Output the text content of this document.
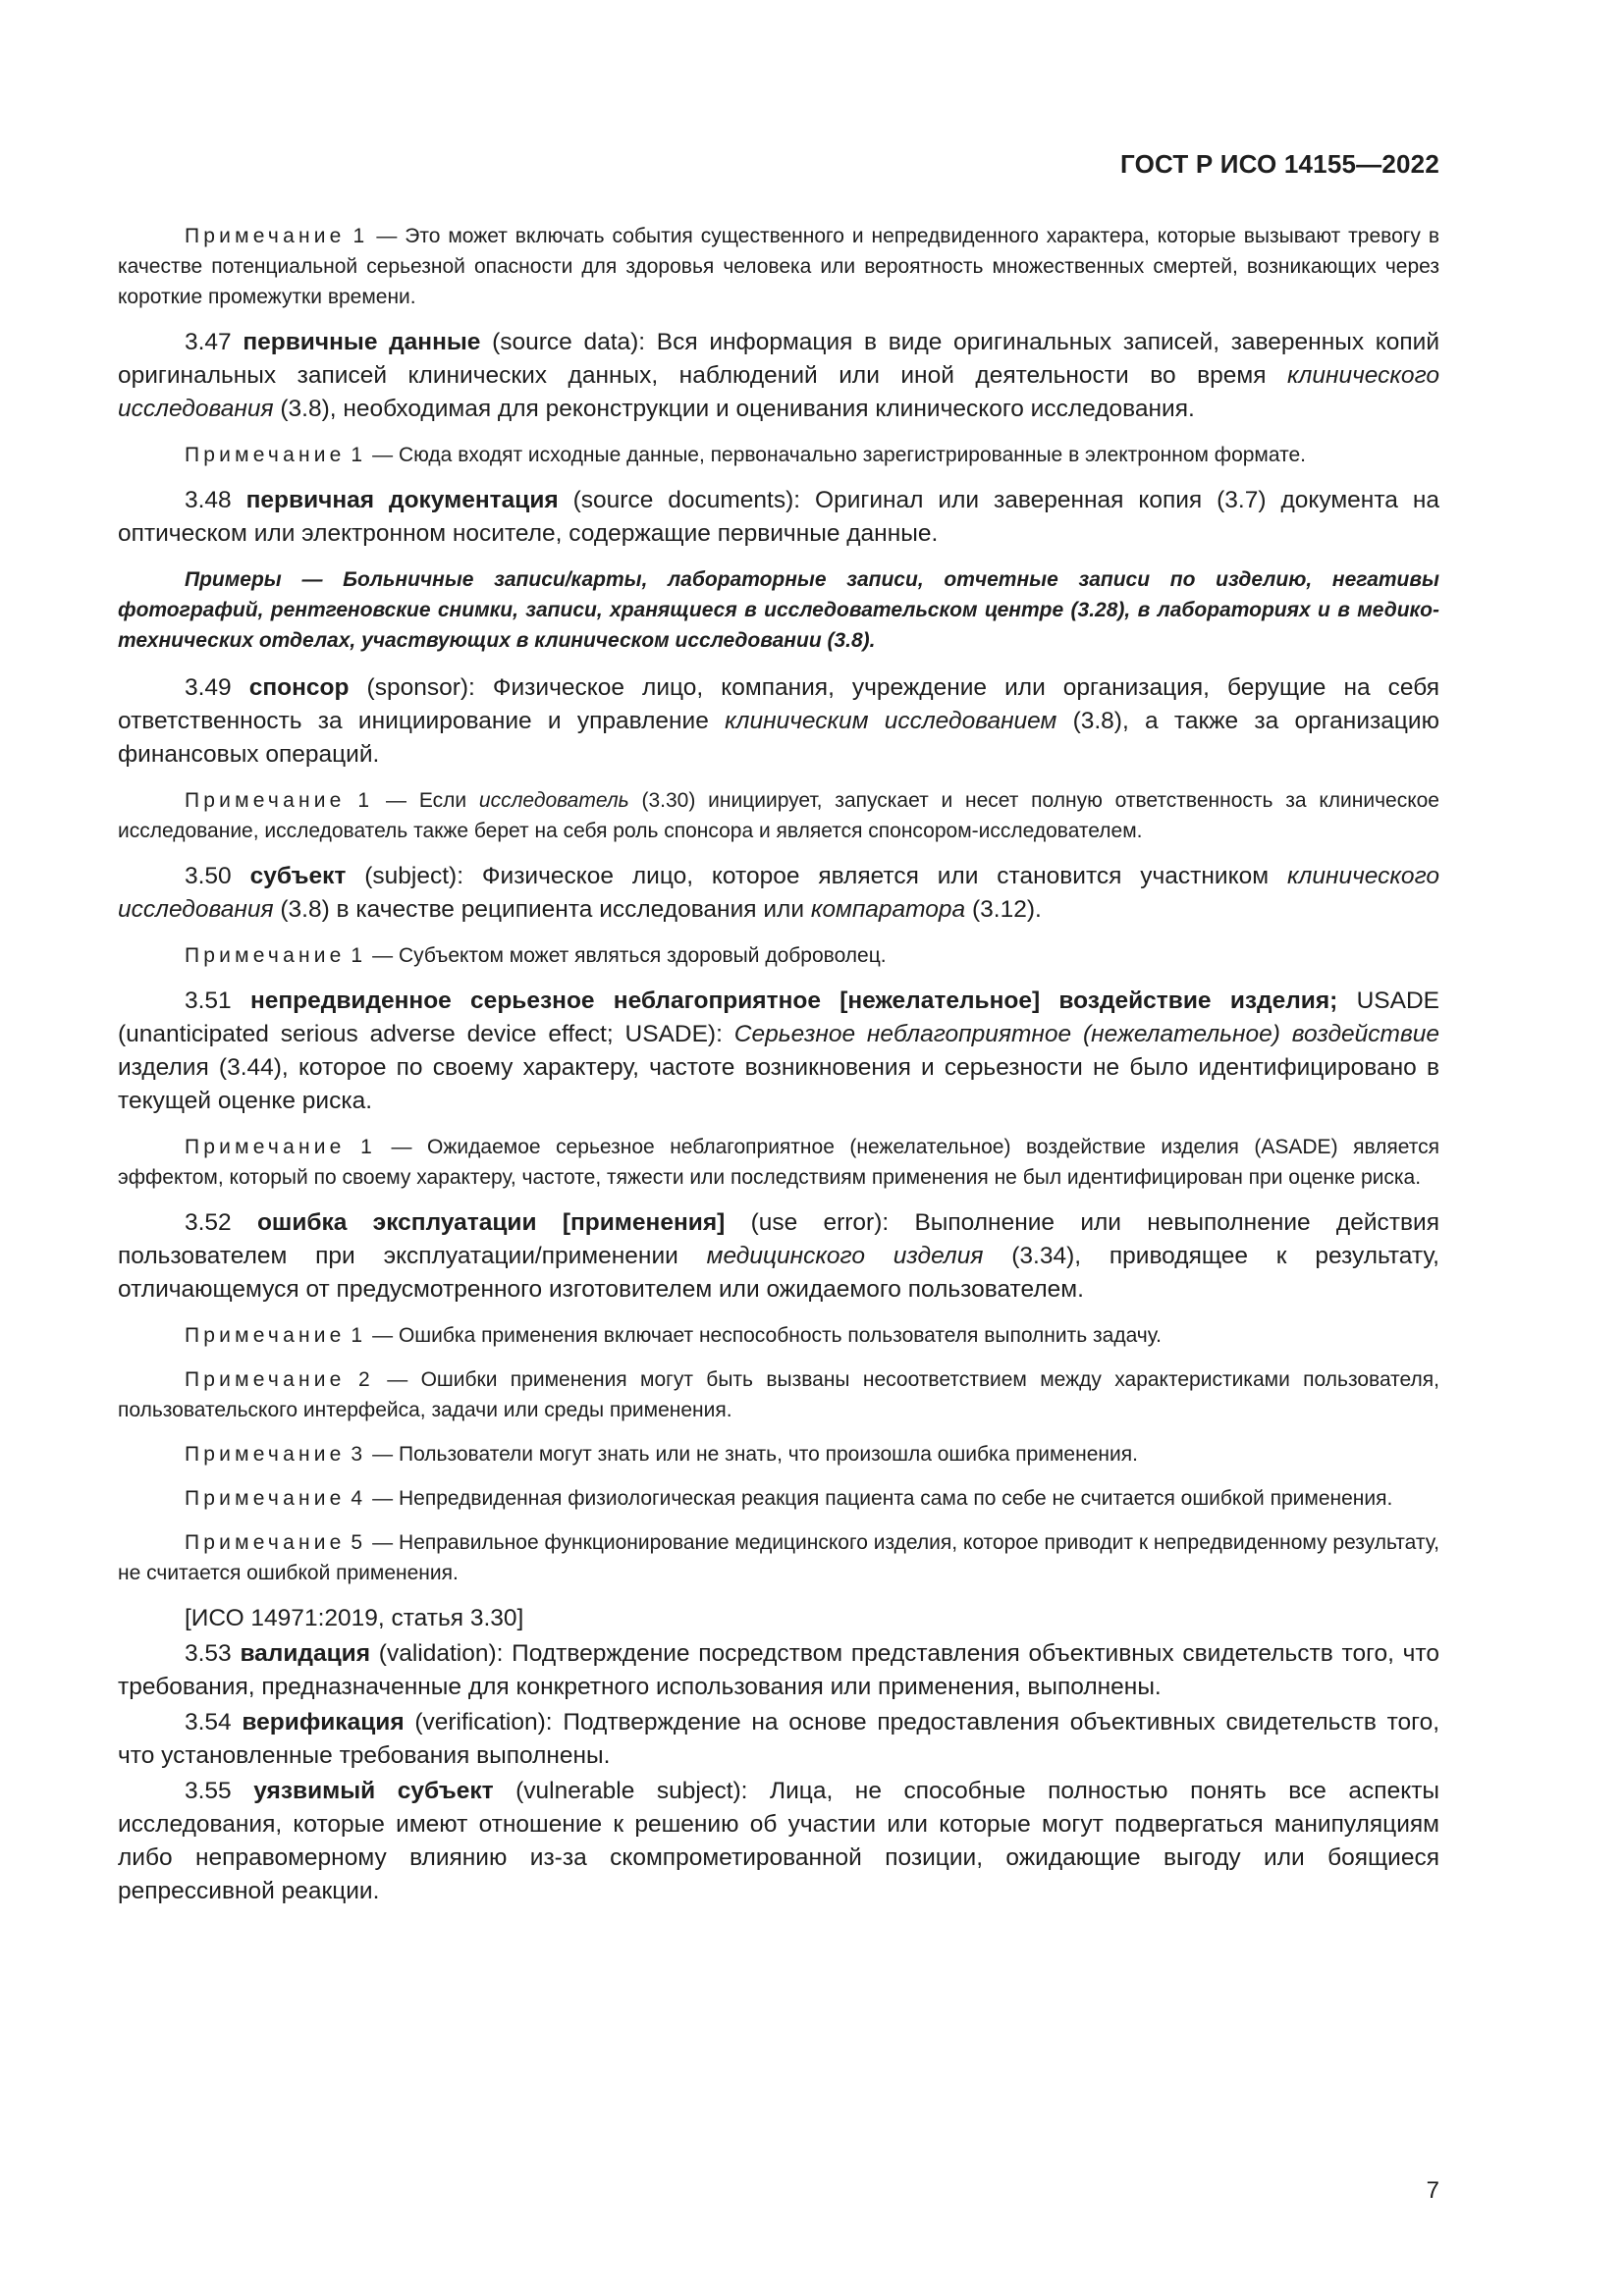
ГОСТ Р ИСО 14155—2022

Примечание 1 — Это может включать события существенного и непредвиденного характера, которые вызывают тревогу в качестве потенциальной серьезной опасности для здоровья человека или вероятность множественных смертей, возникающих через короткие промежутки времени.

3.47 первичные данные (source data): Вся информация в виде оригинальных записей, заверенных копий оригинальных записей клинических данных, наблюдений или иной деятельности во время клинического исследования (3.8), необходимая для реконструкции и оценивания клинического исследования.

Примечание 1 — Сюда входят исходные данные, первоначально зарегистрированные в электронном формате.

3.48 первичная документация (source documents): Оригинал или заверенная копия (3.7) документа на оптическом или электронном носителе, содержащие первичные данные.

Примеры — Больничные записи/карты, лабораторные записи, отчетные записи по изделию, негативы фотографий, рентгеновские снимки, записи, хранящиеся в исследовательском центре (3.28), в лабораториях и в медико-технических отделах, участвующих в клиническом исследовании (3.8).

3.49 спонсор (sponsor): Физическое лицо, компания, учреждение или организация, берущие на себя ответственность за инициирование и управление клиническим исследованием (3.8), а также за организацию финансовых операций.

Примечание 1 — Если исследователь (3.30) инициирует, запускает и несет полную ответственность за клиническое исследование, исследователь также берет на себя роль спонсора и является спонсором-исследователем.

3.50 субъект (subject): Физическое лицо, которое является или становится участником клинического исследования (3.8) в качестве реципиента исследования или компаратора (3.12).

Примечание 1 — Субъектом может являться здоровый доброволец.

3.51 непредвиденное серьезное неблагоприятное [нежелательное] воздействие изделия; USADE (unanticipated serious adverse device effect; USADE): Серьезное неблагоприятное (нежелательное) воздействие изделия (3.44), которое по своему характеру, частоте возникновения и серьезности не было идентифицировано в текущей оценке риска.

Примечание 1 — Ожидаемое серьезное неблагоприятное (нежелательное) воздействие изделия (ASADE) является эффектом, который по своему характеру, частоте, тяжести или последствиям применения не был идентифицирован при оценке риска.

3.52 ошибка эксплуатации [применения] (use error): Выполнение или невыполнение действия пользователем при эксплуатации/применении медицинского изделия (3.34), приводящее к результату, отличающемуся от предусмотренного изготовителем или ожидаемого пользователем.

Примечание 1 — Ошибка применения включает неспособность пользователя выполнить задачу.

Примечание 2 — Ошибки применения могут быть вызваны несоответствием между характеристиками пользователя, пользовательского интерфейса, задачи или среды применения.

Примечание 3 — Пользователи могут знать или не знать, что произошла ошибка применения.

Примечание 4 — Непредвиденная физиологическая реакция пациента сама по себе не считается ошибкой применения.

Примечание 5 — Неправильное функционирование медицинского изделия, которое приводит к непредвиденному результату, не считается ошибкой применения.

[ИСО 14971:2019, статья 3.30]

3.53 валидация (validation): Подтверждение посредством представления объективных свидетельств того, что требования, предназначенные для конкретного использования или применения, выполнены.

3.54 верификация (verification): Подтверждение на основе предоставления объективных свидетельств того, что установленные требования выполнены.

3.55 уязвимый субъект (vulnerable subject): Лица, не способные полностью понять все аспекты исследования, которые имеют отношение к решению об участии или которые могут подвергаться манипуляциям либо неправомерному влиянию из-за скомпрометированной позиции, ожидающие выгоду или боящиеся репрессивной реакции.

7
